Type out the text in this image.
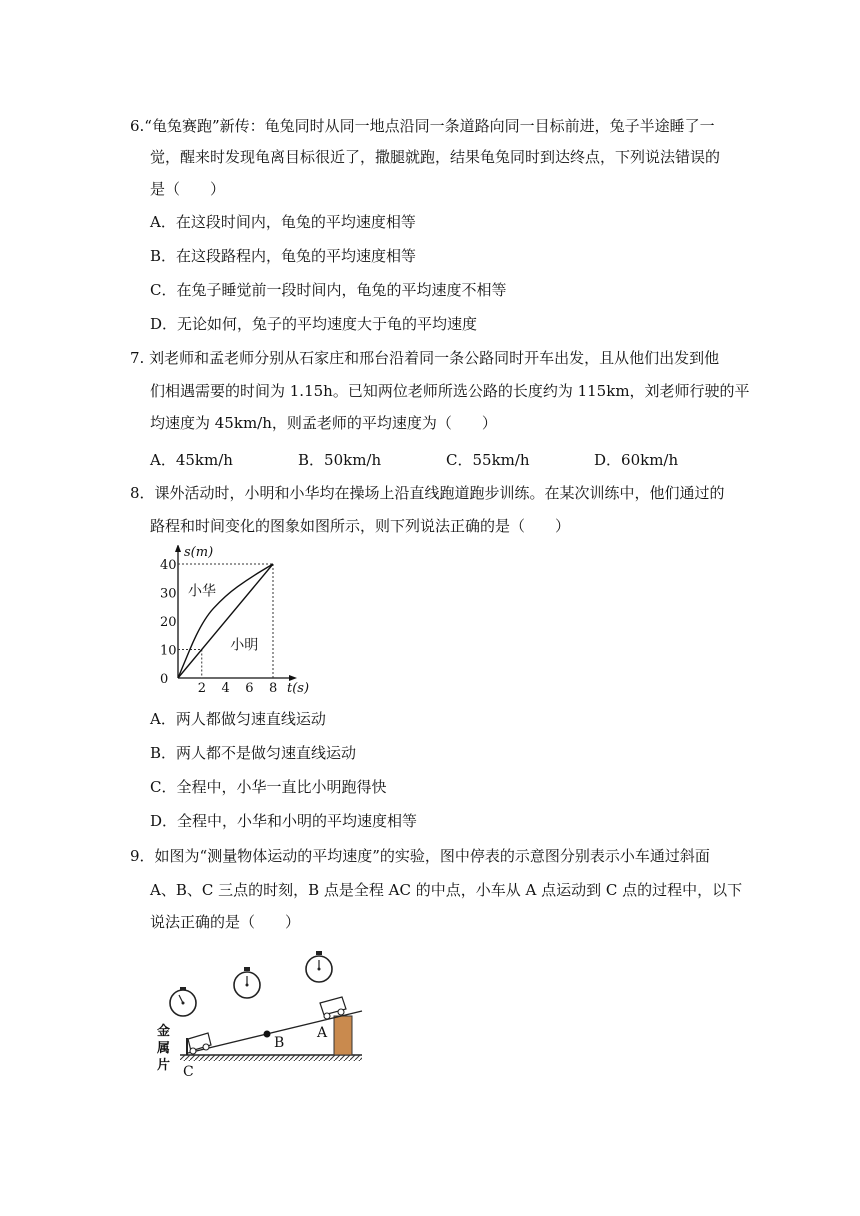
6.“龟兔赛跑”新传：龟兔同时从同一地点沿同一条道路向同一目标前进，兔子半途睡了一
觉，醒来时发现龟离目标很近了，撒腿就跑，结果龟兔同时到达终点，下列说法错误的
是（　　）
A．在这段时间内，龟兔的平均速度相等
B．在这段路程内，龟兔的平均速度相等
C．在兔子睡觉前一段时间内，龟兔的平均速度不相等
D．无论如何，兔子的平均速度大于龟的平均速度
7. 刘老师和孟老师分别从石家庄和邢台沿着同一条公路同时开车出发，且从他们出发到他
们相遇需要的时间为 1.15h。已知两位老师所选公路的长度约为 115km，刘老师行驶的平
均速度为 45km/h，则孟老师的平均速度为（　　）
A．45km/h	B．50km/h	C．55km/h	D．60km/h
8．课外活动时，小明和小华均在操场上沿直线跑道跑步训练。在某次训练中，他们通过的
路程和时间变化的图象如图所示，则下列说法正确的是（　　）
2 4 6 8
0
10
20
30
40
t(s)
s(m)
小华
小明
A．两人都做匀速直线运动
B．两人都不是做匀速直线运动
C．全程中，小华一直比小明跑得快
D．全程中，小华和小明的平均速度相等
9．如图为“测量物体运动的平均速度”的实验，图中停表的示意图分别表示小车通过斜面
A、B、C 三点的时刻，B 点是全程 AC 的中点，小车从 A 点运动到 C 点的过程中，以下
说法正确的是（　　）
B
A
C
金
属
片
